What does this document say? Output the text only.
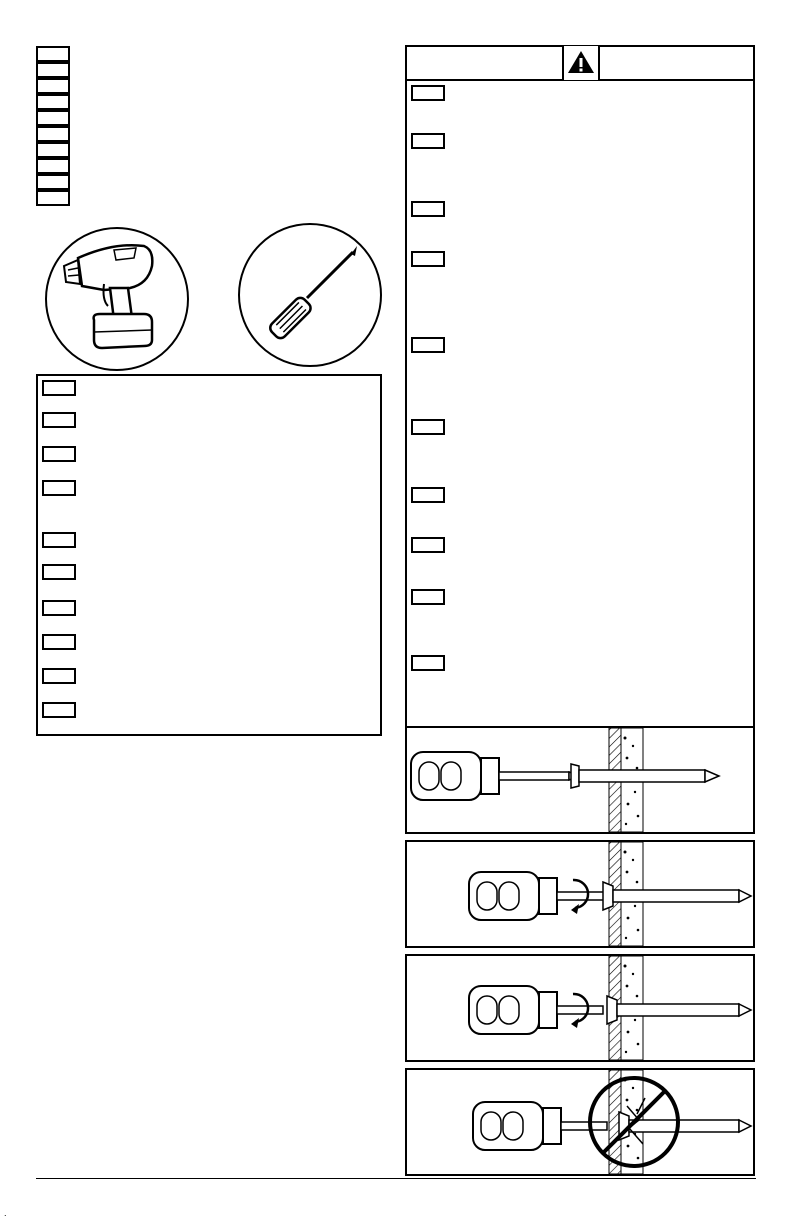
.
